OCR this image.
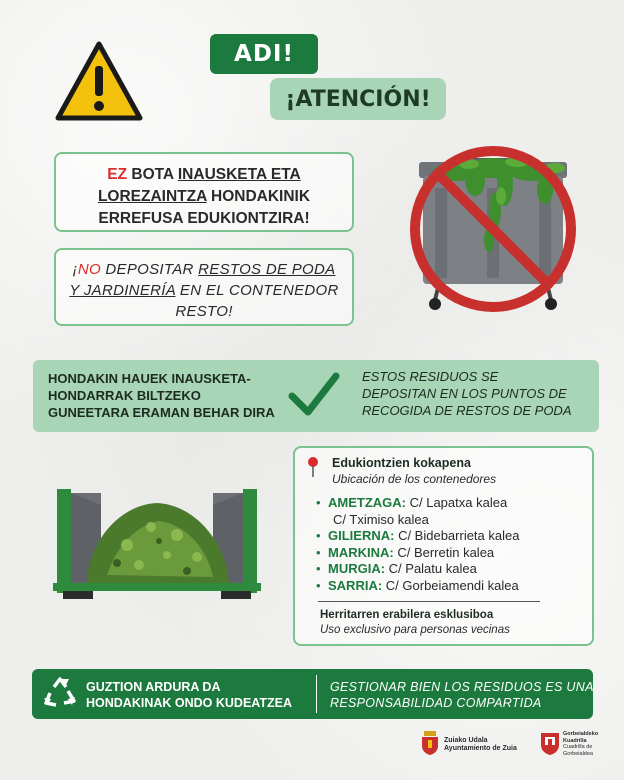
ADI!
¡ATENCIÓN!
EZ BOTA INAUSKETA ETA
LOREZAINTZA HONDAKINIK
ERREFUSA EDUKIONTZIRA!
¡NO DEPOSITAR RESTOS DE PODA
Y JARDINERÍA EN EL CONTENEDOR
RESTO!
HONDAKIN HAUEK INAUSKETA-
HONDARRAK BILTZEKO
GUNEETARA ERAMAN BEHAR DIRA
ESTOS RESIDUOS SE
DEPOSITAN EN LOS PUNTOS DE
RECOGIDA DE RESTOS DE PODA
Edukiontzien kokapena
Ubicación de los contenedores
• AMETZAGA: C/ Lapatxa kalea
C/ Tximiso kalea
• GILIERNA: C/ Bidebarrieta kalea
• MARKINA: C/ Berretin kalea
• MURGIA: C/ Palatu kalea
• SARRIA: C/ Gorbeiamendi kalea
Herritarren erabilera esklusiboa
Uso exclusivo para personas vecinas
GUZTION ARDURA DA
HONDAKINAK ONDO KUDEATZEA
GESTIONAR BIEN LOS RESIDUOS ES UNA
RESPONSABILIDAD COMPARTIDA
Zuiako Udala
Ayuntamiento de Zuia
Gorbeialdeko
Kuadrilla
Cuadrilla de
Gorbeialdea
